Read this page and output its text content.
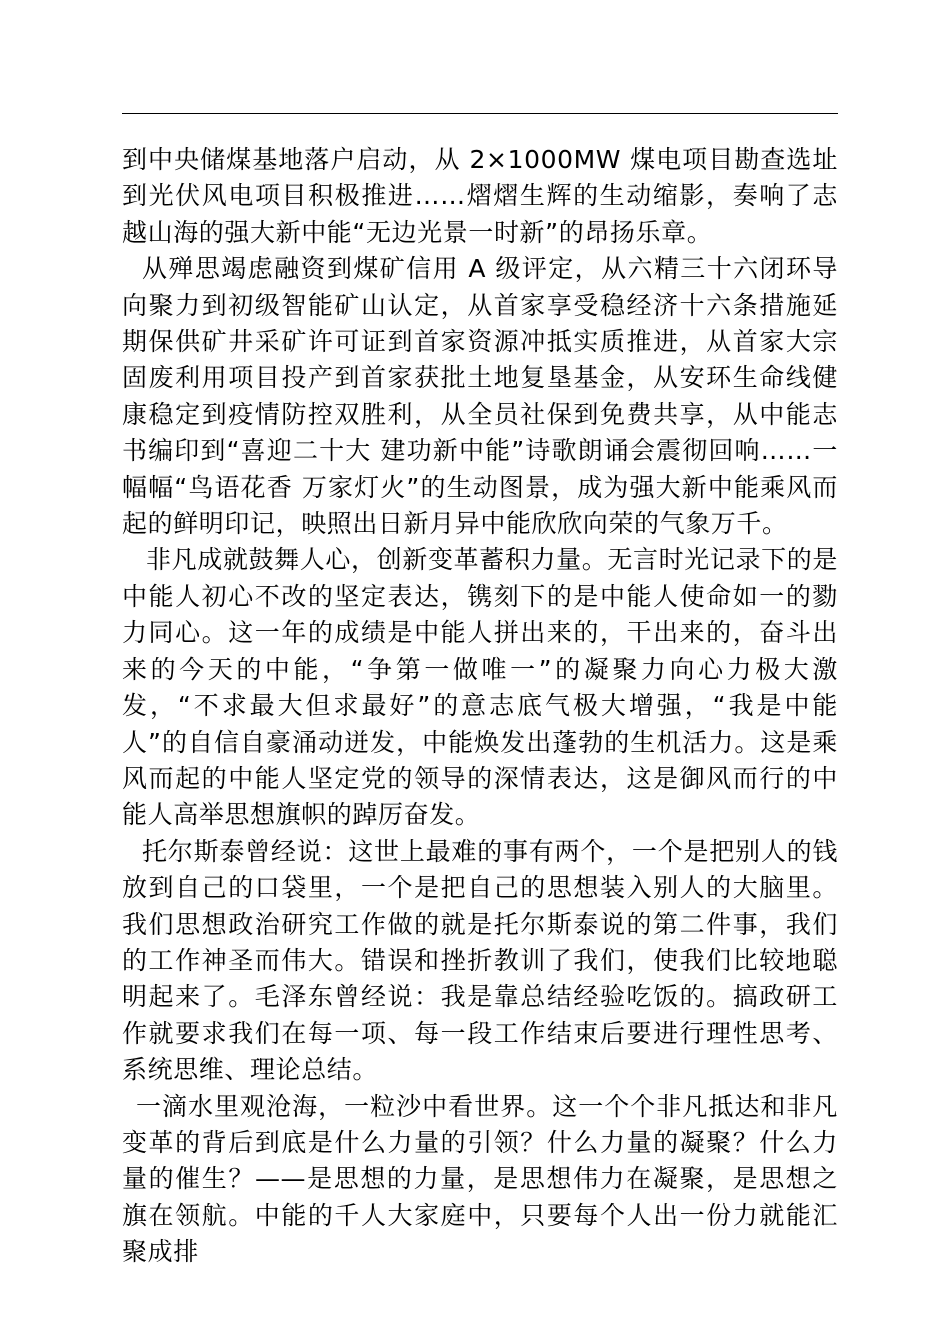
到中央储煤基地落户启动，从 2×1000MW 煤电项目勘查选址到光伏风电项目积极推进……熠熠生辉的生动缩影，奏响了志越山海的强大新中能“无边光景一时新”的昂扬乐章。

从殚思竭虑融资到煤矿信用 A 级评定，从六精三十六闭环导向聚力到初级智能矿山认定，从首家享受稳经济十六条措施延期保供矿井采矿许可证到首家资源冲抵实质推进，从首家大宗固废利用项目投产到首家获批土地复垦基金，从安环生命线健康稳定到疫情防控双胜利，从全员社保到免费共享，从中能志书编印到“喜迎二十大 建功新中能”诗歌朗诵会震彻回响……一幅幅“鸟语花香 万家灯火”的生动图景，成为强大新中能乘风而起的鲜明印记，映照出日新月异中能欣欣向荣的气象万千。

非凡成就鼓舞人心，创新变革蓄积力量。无言时光记录下的是中能人初心不改的坚定表达，镌刻下的是中能人使命如一的勠力同心。这一年的成绩是中能人拼出来的，干出来的，奋斗出来的今天的中能，“争第一做唯一”的凝聚力向心力极大激发，“不求最大但求最好”的意志底气极大增强，“我是中能人”的自信自豪涌动迸发，中能焕发出蓬勃的生机活力。这是乘风而起的中能人坚定党的领导的深情表达，这是御风而行的中能人高举思想旗帜的踔厉奋发。

托尔斯泰曾经说：这世上最难的事有两个，一个是把别人的钱放到自己的口袋里，一个是把自己的思想装入别人的大脑里。我们思想政治研究工作做的就是托尔斯泰说的第二件事，我们的工作神圣而伟大。错误和挫折教训了我们，使我们比较地聪明起来了。毛泽东曾经说：我是靠总结经验吃饭的。搞政研工作就要求我们在每一项、每一段工作结束后要进行理性思考、系统思维、理论总结。

一滴水里观沧海，一粒沙中看世界。这一个个非凡抵达和非凡变革的背后到底是什么力量的引领？什么力量的凝聚？什么力量的催生？——是思想的力量，是思想伟力在凝聚，是思想之旗在领航。中能的千人大家庭中，只要每个人出一份力就能汇聚成排
